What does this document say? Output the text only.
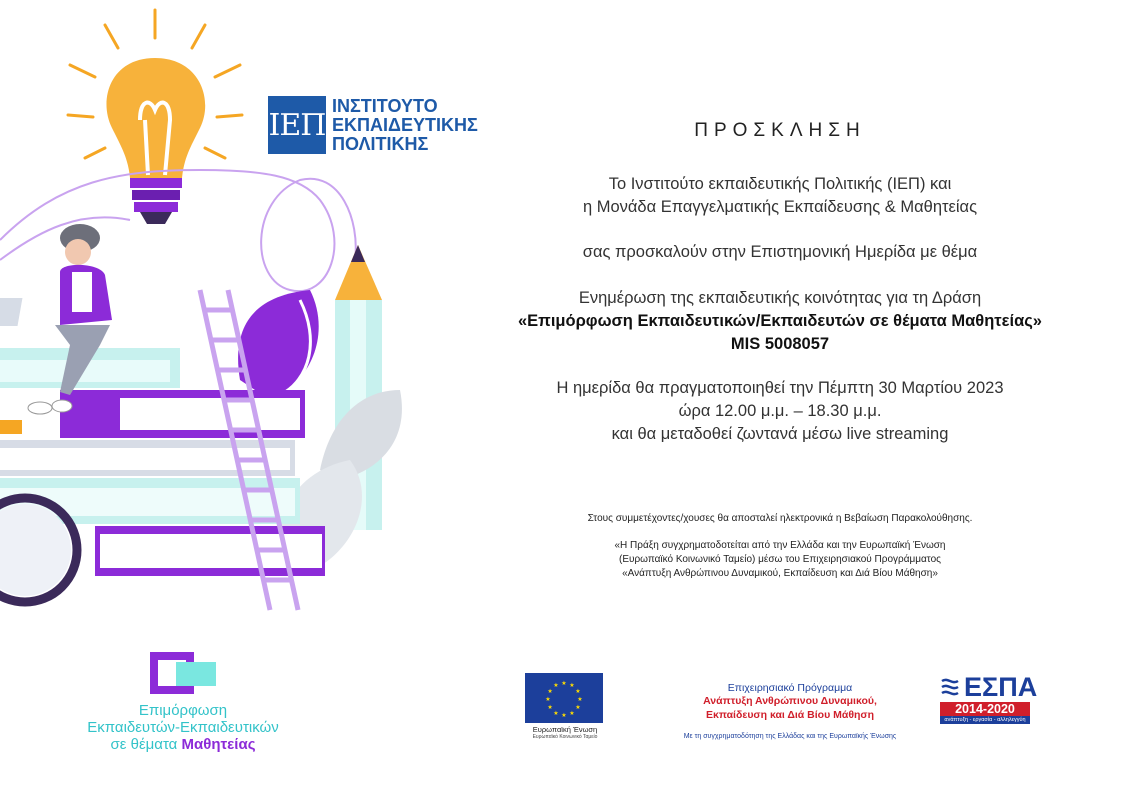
ΙΕΠ
ΙΝΣΤΙΤΟΥΤΟ
ΕΚΠΑΙΔΕΥΤΙΚΗΣ
ΠΟΛΙΤΙΚΗΣ
ΠΡΟΣΚΛΗΣΗ
Το Ινστιτούτο εκπαιδευτικής Πολιτικής (ΙΕΠ) και
η Μονάδα Επαγγελματικής Εκπαίδευσης & Μαθητείας
σας προσκαλούν στην Επιστημονική Ημερίδα με θέμα
Ενημέρωση της εκπαιδευτικής κοινότητας για τη Δράση
«Επιμόρφωση Εκπαιδευτικών/Εκπαιδευτών σε θέματα Μαθητείας»
MIS 5008057
Η ημερίδα θα πραγματοποιηθεί την Πέμπτη 30 Μαρτίου 2023
ώρα 12.00 μ.μ. – 18.30 μ.μ.
και θα μεταδοθεί ζωντανά μέσω live streaming
Στους συμμετέχοντες/χουσες θα αποσταλεί ηλεκτρονικά η Βεβαίωση Παρακολούθησης.
«Η Πράξη συγχρηματοδοτείται από την Ελλάδα και την Ευρωπαϊκή Ένωση
(Ευρωπαϊκό Κοινωνικό Ταμείο) μέσω του Επιχειρησιακού Προγράμματος
«Ανάπτυξη Ανθρώπινου Δυναμικού, Εκπαίδευση και Διά Βίου Μάθηση»
Επιμόρφωση
Εκπαιδευτών-Εκπαιδευτικών
σε θέματα Μαθητείας
★ ★
★
★
★
★
★
★
★
★
★
★
Ευρωπαϊκή Ένωση
Ευρωπαϊκό Κοινωνικό Ταμείο
Επιχειρησιακό Πρόγραμμα
Ανάπτυξη Ανθρώπινου Δυναμικού,
Εκπαίδευση και Διά Βίου Μάθηση
Με τη συγχρηματοδότηση της Ελλάδας και της Ευρωπαϊκής Ένωσης
ΕΣΠΑ
2014-2020
ανάπτυξη - εργασία - αλληλεγγύη
